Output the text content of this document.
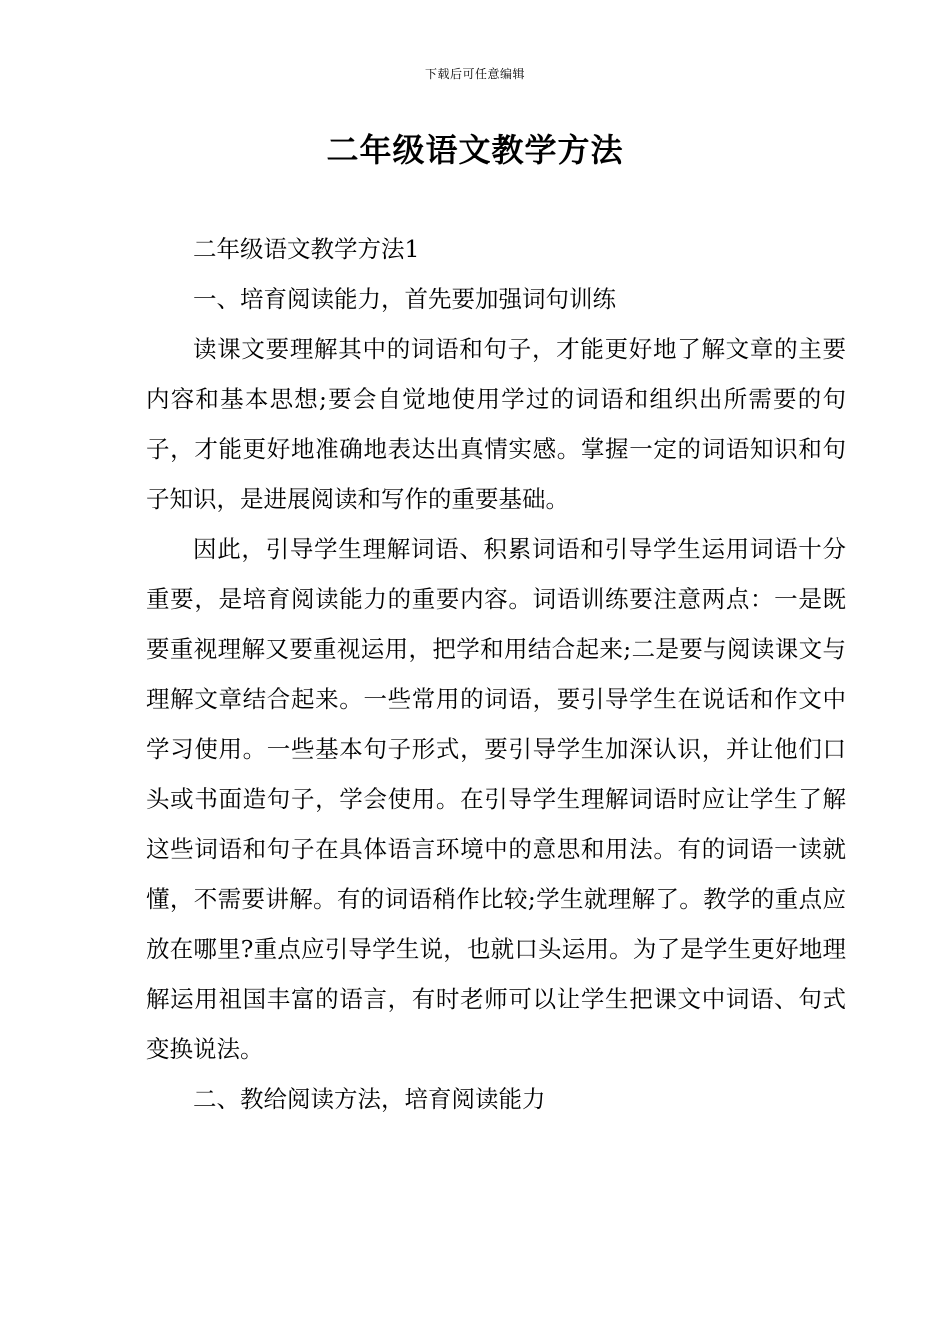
下载后可任意编辑
二年级语文教学方法

二年级语文教学方法1

一、培育阅读能力，首先要加强词句训练

读课文要理解其中的词语和句子，才能更好地了解文章的主要内容和基本思想;要会自觉地使用学过的词语和组织出所需要的句子，才能更好地准确地表达出真情实感。掌握一定的词语知识和句子知识，是进展阅读和写作的重要基础。

因此，引导学生理解词语、积累词语和引导学生运用词语十分重要，是培育阅读能力的重要内容。词语训练要注意两点：一是既要重视理解又要重视运用，把学和用结合起来;二是要与阅读课文与理解文章结合起来。一些常用的词语，要引导学生在说话和作文中学习使用。一些基本句子形式，要引导学生加深认识，并让他们口头或书面造句子，学会使用。在引导学生理解词语时应让学生了解这些词语和句子在具体语言环境中的意思和用法。有的词语一读就懂，不需要讲解。有的词语稍作比较;学生就理解了。教学的重点应放在哪里?重点应引导学生说，也就口头运用。为了是学生更好地理解运用祖国丰富的语言，有时老师可以让学生把课文中词语、句式变换说法。

二、教给阅读方法，培育阅读能力
